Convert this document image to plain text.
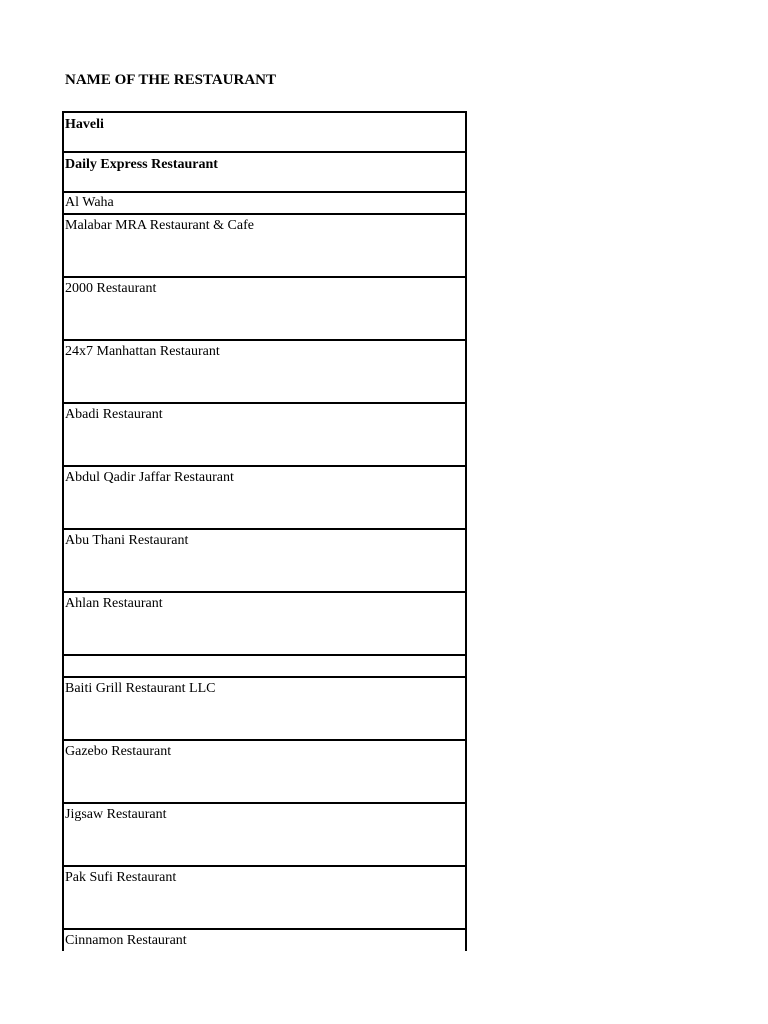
NAME OF THE RESTAURANT
Haveli
Daily Express Restaurant
Al Waha
Malabar MRA Restaurant & Cafe
2000 Restaurant
24x7 Manhattan Restaurant
Abadi Restaurant
Abdul Qadir Jaffar Restaurant
Abu Thani Restaurant
Ahlan Restaurant
Baiti Grill Restaurant LLC
Gazebo Restaurant
Jigsaw Restaurant
Pak Sufi Restaurant
Cinnamon Restaurant
